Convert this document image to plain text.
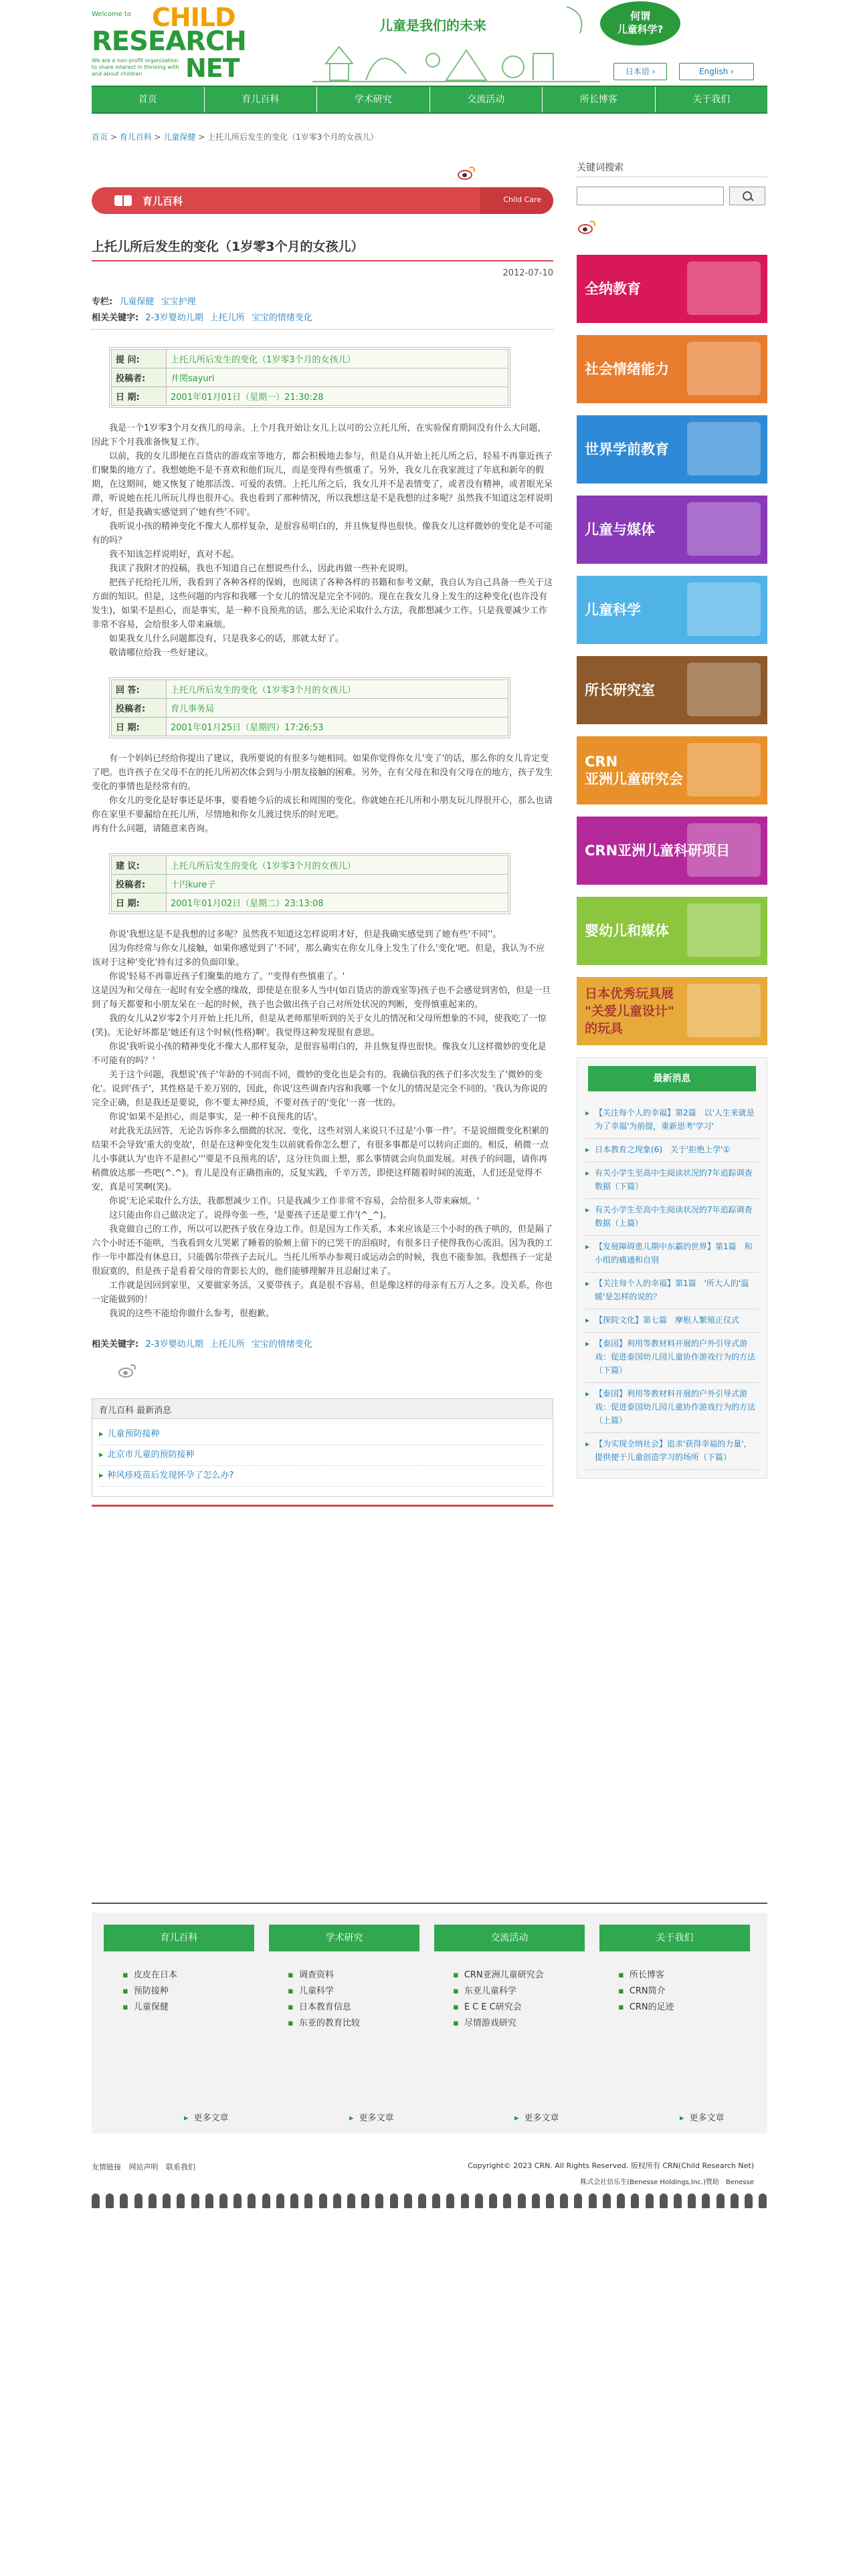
Welcome to CHILD
RESEARCH
NET
We are a non-profit organization to share interest in thinking with and about children
儿童是我们的未来
何谓
儿童科学?
日本语 ›	English ›
首页	育儿百科	学术研究	交流活动	所长博客	关于我们
首页 > 育儿百科 > 儿童保健 > 上托儿所后发生的变化（1岁零3个月的女孩儿）
育儿百科	Child Care
上托儿所后发生的变化（1岁零3个月的女孩儿）
2012-07-10
专栏: 儿童保健 宝宝护理
相关关键字: 2-3岁婴幼儿期 上托儿所 宝宝的情绪变化
提 问:	上托儿所后发生的变化（1岁零3个月的女孩儿）
投稿者:	井関sayuri
日 期:	2001年01月01日（星期一）21:30:28

　　我是一个1岁零3个月女孩儿的母亲。上个月我开始让女儿上以可的公立托儿所，在实验保育期间没有什么大问题，因此下个月我准备恢复工作。

　　以前，我的女儿即便在百货店的游戏室等地方，都会积极地去参与，但是自从开始上托儿所之后，轻易不再靠近孩子们聚集的地方了。我想她绝不是不喜欢和他们玩儿，而是变得有些慎重了。另外，我女儿在我家渡过了年底和新年的假期，在这期间，她又恢复了她那活泼、可爱的表情。上托儿所之后，我女儿并不是表情变了，或者没有精神，或者眼光呆滞，听说她在托儿所玩儿得也很开心。我也看到了那种情况，所以我想这是不是我想的过多呢？虽然我不知道这怎样说明才好，但是我确实感觉到了'她有些'不同'。

　　我听说小孩的精神变化不像大人那样复杂，是很容易明白的，并且恢复得也很快。像我女儿这样微妙的变化是不可能有的吗？

　　我不知该怎样说明好，真对不起。

　　我读了我附才的投稿，我也不知道自己在想说些什么，因此再做一些补充说明。

　　把孩子托给托儿所，我看到了各种各样的保姆，也阅读了各种各样的书籍和参考文献，我自认为自己具备一些关于这方面的知识。但是，这些问题的内容和我哪一个女儿的情况是完全不同的。现在在我女儿身上发生的这种变化(也许没有发生)，如果不是担心，而是事实，是一种不良预兆的话，那么无论采取什么方法，我都想减少工作。只是我要减少工作非常不容易，会给很多人带来麻烦。

　　如果我女儿什么问题都没有，只是我多心的话，那就太好了。

　　敬请哪位给我一些好建议。

回 答:	上托儿所后发生的变化（1岁零3个月的女孩儿）
投稿者:	育儿事务局
日 期:	2001年01月25日（星期四）17:26:53

　　有一个妈妈已经给你提出了建议，我所要说的有很多与她相同。如果你觉得你女儿'变了'的话，那么你的女儿肯定变了吧。也许孩子在父母不在的托儿所初次体会到与小朋友接触的困难。另外，在有父母在和没有父母在的地方，孩子发生变化的事情也是经常有的。

　　你女儿的变化是好事还是坏事，要看她今后的成长和周围的变化。你就她在托儿所和小朋友玩儿得很开心，那么也请你在家里不要漏给在托儿所，尽情地和你女儿渡过快乐的时光吧。

再有什么问题，请随意来咨询。

建 议:	上托儿所后发生的变化（1岁零3个月的女孩儿）
投稿者:	十円kure子
日 期:	2001年01月02日（星期二）23:13:08

　　你说'我想这是不是我想的过多呢？虽然我不知道这怎样说明才好，但是我确实感觉到了她有些'不同''。

　　因为你经常与你女儿接触，如果你感觉到了'不同'，那么确实在你女儿身上发生了什么'变化'吧。但是，我认为不应该对于这种'变化'持有过多的负面印象。

　　你说'轻易不再靠近孩子们聚集的地方了。''变得有些慎重了。'

这是因为和父母在一起时有安全感的缘故，即使是在很多人当中(如百货店的游戏室等)孩子也不会感觉到害怕，但是一旦到了每天都要和小朋友呆在一起的时候，孩子也会做出孩子自己对所处状况的判断，变得慎重起来的。

　　我的女儿从2岁零2个月开始上托儿所，但是从老师那里听到的关于女儿的情况和父母所想象的不同，使我吃了一惊(笑)。无论好坏都是'她还有这个时候(性格)啊'。我觉得这种发现很有意思。

　　你说'我听说小孩的精神变化不像大人那样复杂，是很容易明白的，并且恢复得也很快。像我女儿这样微妙的变化是不可能有的吗？'

　　关于这个问题，我想说'孩子'年龄的不同而不同，微妙的变化也是会有的。我确信我的孩子们多次发生了'微妙的变化'。说到'孩子'，其性格是千差万别的，因此，你说'这些调查内容和我哪一个女儿的情况是完全不同的。'我认为你说的完全正确，但是我还是要说，你不要太神经质，不要对孩子的'变化'一喜一忧的。

　　你说'如果不是担心，而是事实，是一种不良预兆的话'。

　　对此我无法回答，无论告诉你多么细微的状况、变化，这些对别人来说只不过是'小事一件'。不是说细微变化积累的结果不会导致'重大的变故'，但是在这种变化发生以前就看你怎么想了，有很多事都是可以转向正面的。相反，稍微一点儿小事就认为'也许不是担心'''要是不良预兆的话'，这分往负面上想，那么事情就会向负面发展。对孩子的问题，请你再稍微放达那一些吧(^.^)。育儿是没有正确指南的，反复实践，千辛万苦，即使这样随着时间的流逝，人们还是觉得不安，真是可笑啊(笑)。

　　你说'无论采取什么方法，我都想减少工作。只是我减少工作非常不容易，会给很多人带来麻烦。'

　　这只能由你自己做决定了。说得夸张一些，'是要孩子还是要工作'(^_^)。

　　我竟做自己的工作，所以可以把孩子放在身边工作。但是因为工作关系，本来应该是三个小时的孩子哄的，但是隔了六个小时还不能哄，当我看到女儿哭累了睡着的脸颊上留下的已哭干的泪痕时，有很多日子使得我伤心流泪。因为我的工作一年中都没有休息日，只能偶尔带孩子去玩儿。当托儿所举办参观日或运动会的时候，我也不能参加。我想孩子一定是很寂寞的，但是孩子是看着父母的背影长大的，他们能够理解并且忍耐过来了。

　　工作就是因回到家里，又要做家务活，又要带孩子。真是很不容易，但是像这样的母亲有五万人之多。没关系，你也一定能做到的！

　　我说的这些不能给你做什么参考，很抱歉。

相关关键字: 2-3岁婴幼儿期 上托儿所 宝宝的情绪变化
育儿百科 最新消息
▸ 儿童预防接种
▸ 北京市儿童的预防接种
▸ 种风疹疫苗后发现怀孕了怎么办?
关键词搜索
全纳教育
社会情绪能力
世界学前教育
儿童与媒体
儿童科学
所长研究室
CRN
亚洲儿童研究会
CRN亚洲儿童科研项目
婴幼儿和媒体
日本优秀玩具展
"关爱儿童设计"
的玩具
最新消息
▸ 【关注每个人的幸福】第2篇　以'人生来就是为了幸福'为前提，重新思考'学习'
▸ 日本教育之现象(6)　关于'拒绝上学'①
▸ 有关小学生至高中生阅读状况的7年追踪调查数据（下篇）
▸ 有关小学生至高中生阅读状况的7年追踪调查数据（上篇）
▸ 【发展障碍患儿期中东霸的世界】第1篇　和小组的痛通和自别
▸ 【关注每个人的幸福】第1篇　'所大人的'温暖'是怎样的说的？
▸ 【探院文化】第七篇　摩根人繁殖正仪式
▸ 【泰国】利用等教材料开展的户外引导式游戏：促进泰国幼儿园儿童协作游戏行为的方法（下篇）
▸ 【泰国】利用等教材料开展的户外引导式游戏：促进泰国幼儿园儿童协作游戏行为的方法（上篇）
▸ 【为实现全纳社会】追求'获得幸福的力量'，提供便于儿童创造学习的场所（下篇）
育儿百科
▪ 皮皮在日本
▪ 预防接种
▪ 儿童保健
▸ 更多文章
学术研究
▪ 调查资料
▪ 儿童科学
▪ 日本教育信息
▪ 东亚的教育比较
▸ 更多文章
交流活动
▪ CRN亚洲儿童研究会
▪ 东亚儿童科学
▪ E C E C研究会
▪ 尽情游戏研究
▸ 更多文章
关于我们
▪ 所长博客
▪ CRN简介
▪ CRN的足迹
▸ 更多文章
友情链接 网站声明 联系我们	Copyright© 2023 CRN. All Rights Reserved. 版权所有 CRN(Child Research Net)
株式会社倍乐生(Benesse Holdings,Inc.)赞助　Benesse
